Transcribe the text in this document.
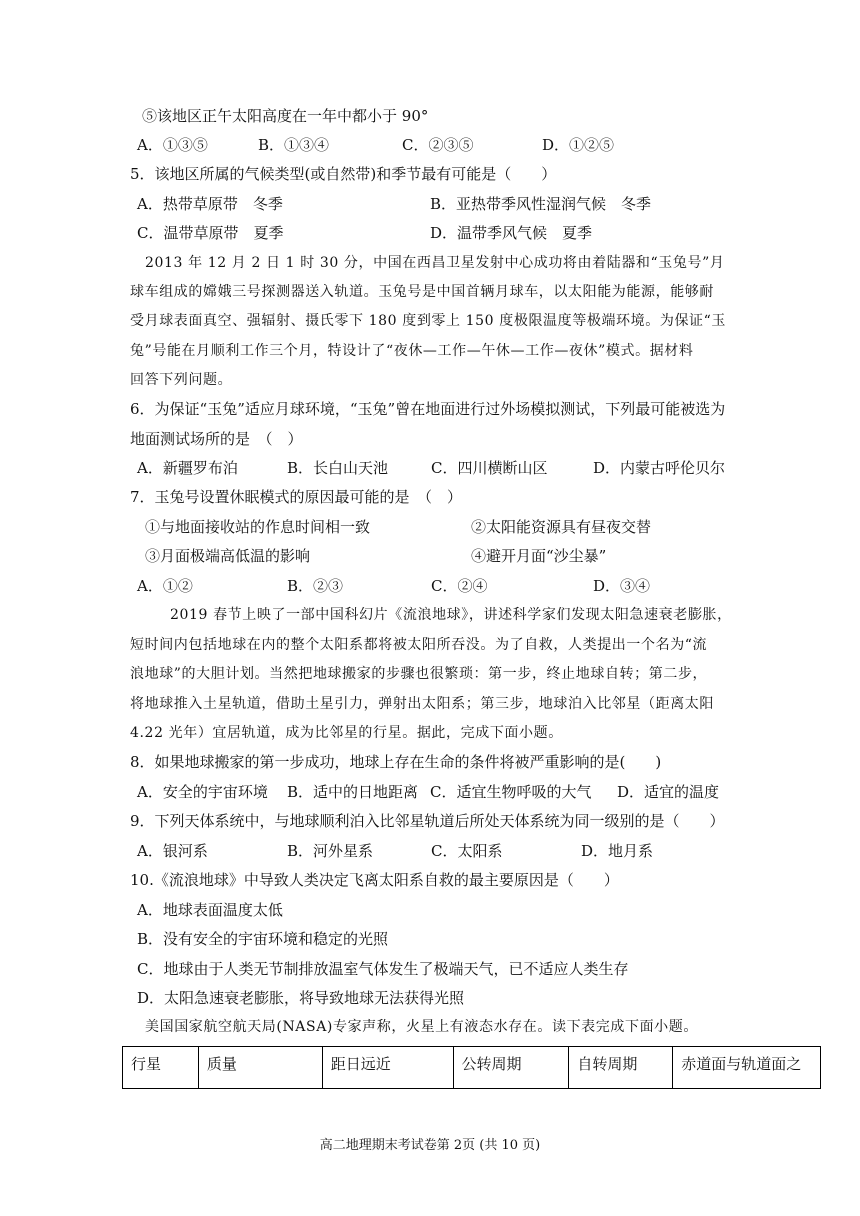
⑤该地区正午太阳高度在一年中都小于 90°
A．①③⑤	B．①③④	C．②③⑤	D．①②⑤
5．该地区所属的气候类型(或自然带)和季节最有可能是（　　）
A．热带草原带　冬季	B．亚热带季风性湿润气候　冬季
C．温带草原带　夏季	D．温带季风气候　夏季
2013 年 12 月 2 日 1 时 30 分，中国在西昌卫星发射中心成功将由着陆器和“玉兔号”月
球车组成的嫦娥三号探测器送入轨道。玉兔号是中国首辆月球车，以太阳能为能源，能够耐
受月球表面真空、强辐射、摄氏零下 180 度到零上 150 度极限温度等极端环境。为保证“玉
兔”号能在月顺利工作三个月，特设计了“夜休—工作—午休—工作—夜休”模式。据材料
回答下列问题。
6．为保证“玉兔”适应月球环境，“玉兔”曾在地面进行过外场模拟测试，下列最可能被选为
地面测试场所的是　（　）
A．新疆罗布泊	B．长白山天池	C．四川横断山区	D．内蒙古呼伦贝尔
7．玉兔号设置休眠模式的原因最可能的是　（　）
①与地面接收站的作息时间相一致	②太阳能资源具有昼夜交替
③月面极端高低温的影响	④避开月面“沙尘暴”
A．①②	B．②③	C．②④	D．③④
2019 春节上映了一部中国科幻片《流浪地球》，讲述科学家们发现太阳急速衰老膨胀，
短时间内包括地球在内的整个太阳系都将被太阳所吞没。为了自救，人类提出一个名为“流
浪地球”的大胆计划。当然把地球搬家的步骤也很繁琐：第一步，终止地球自转；第二步，
将地球推入土星轨道，借助土星引力，弹射出太阳系；第三步，地球泊入比邻星（距离太阳
4.22 光年）宜居轨道，成为比邻星的行星。据此，完成下面小题。
8．如果地球搬家的第一步成功，地球上存在生命的条件将被严重影响的是(　　)
A．安全的宇宙环境 B．适中的日地距离 C．适宜生物呼吸的大气 D．适宜的温度
9．下列天体系统中，与地球顺利泊入比邻星轨道后所处天体系统为同一级别的是（　　）
A．银河系	B．河外星系	C．太阳系	D．地月系
10.《流浪地球》中导致人类决定飞离太阳系自救的最主要原因是（　　）
A．地球表面温度太低
B．没有安全的宇宙环境和稳定的光照
C．地球由于人类无节制排放温室气体发生了极端天气，已不适应人类生存
D．太阳急速衰老膨胀，将导致地球无法获得光照
美国国家航空航天局(NASA)专家声称，火星上有液态水存在。读下表完成下面小题。
行星	质量	距日远近	公转周期	自转周期	赤道面与轨道面之
高二地理期末考试卷第 2页 (共 10 页)
